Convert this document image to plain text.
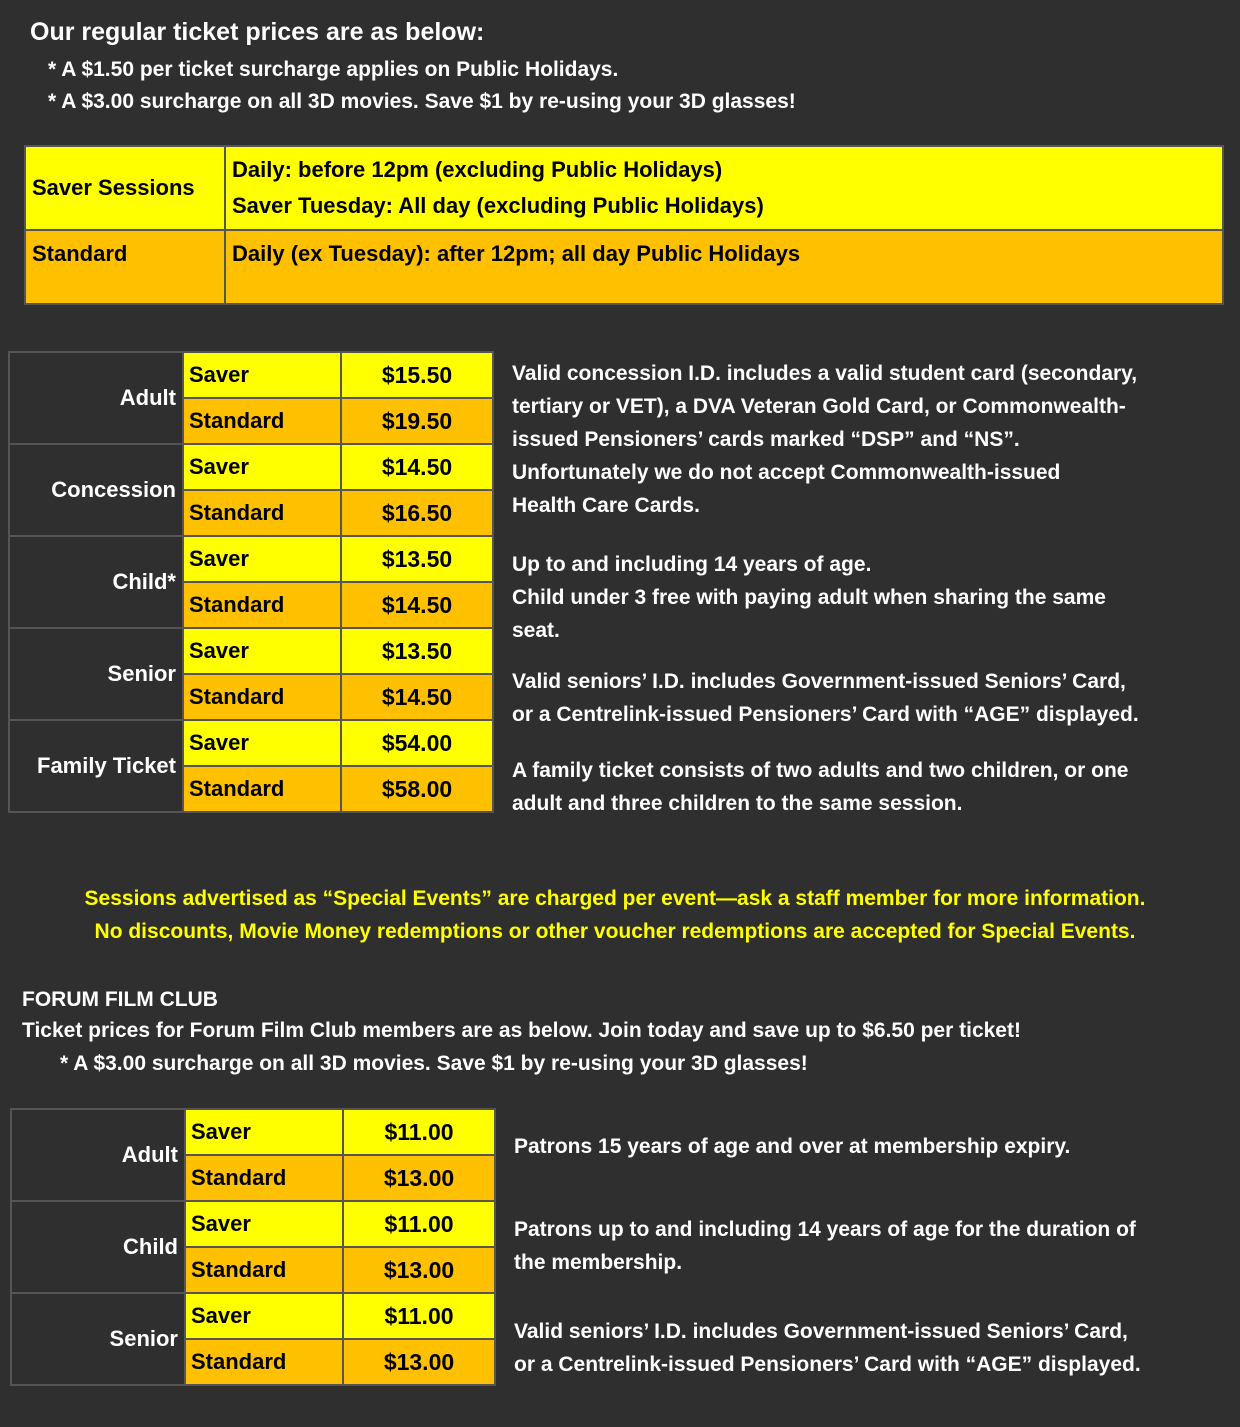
Our regular ticket prices are as below:
* A $1.50 per ticket surcharge applies on Public Holidays.
* A $3.00 surcharge on all 3D movies. Save $1 by re-using your 3D glasses!
Saver Sessions	Daily: before 12pm (excluding Public Holidays)
Saver Tuesday: All day (excluding Public Holidays)

Standard	Daily (ex Tuesday): after 12pm; all day Public Holidays
Adult	Saver	$15.50
	Standard	$19.50
Concession	Saver	$14.50
	Standard	$16.50
Child*	Saver	$13.50
	Standard	$14.50
Senior	Saver	$13.50
	Standard	$14.50
Family Ticket	Saver	$54.00
	Standard	$58.00
Valid concession I.D. includes a valid student card (secondary,
tertiary or VET), a DVA Veteran Gold Card, or Commonwealth-
issued Pensioners’ cards marked “DSP” and “NS”.
Unfortunately we do not accept Commonwealth-issued
Health Care Cards.
Up to and including 14 years of age.
Child under 3 free with paying adult when sharing the same
seat.
Valid seniors’ I.D. includes Government-issued Seniors’ Card,
or a Centrelink-issued Pensioners’ Card with “AGE” displayed.
A family ticket consists of two adults and two children, or one
adult and three children to the same session.
Sessions advertised as “Special Events” are charged per event—ask a staff member for more information.
No discounts, Movie Money redemptions or other voucher redemptions are accepted for Special Events.
FORUM FILM CLUB
Ticket prices for Forum Film Club members are as below. Join today and save up to $6.50 per ticket!
* A $3.00 surcharge on all 3D movies. Save $1 by re-using your 3D glasses!
Adult	Saver	$11.00
	Standard	$13.00
Child	Saver	$11.00
	Standard	$13.00
Senior	Saver	$11.00
	Standard	$13.00
Patrons 15 years of age and over at membership expiry.
Patrons up to and including 14 years of age for the duration of
the membership.
Valid seniors’ I.D. includes Government-issued Seniors’ Card,
or a Centrelink-issued Pensioners’ Card with “AGE” displayed.
